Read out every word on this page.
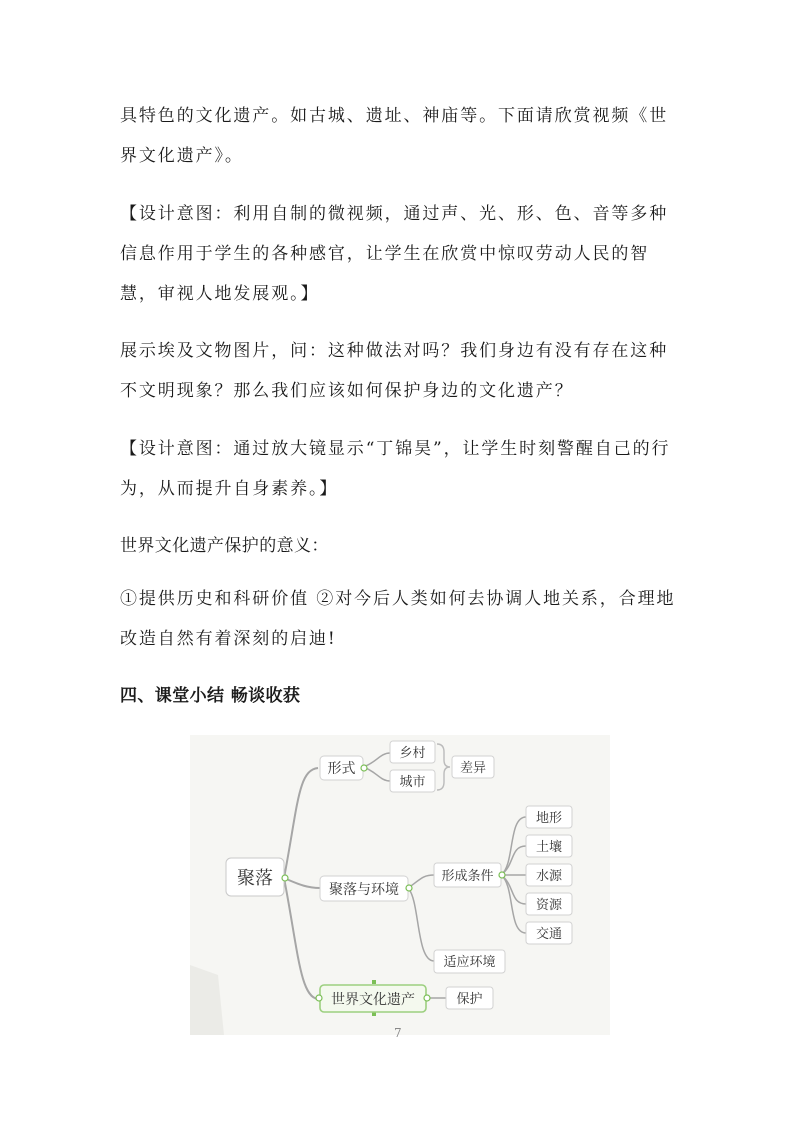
具特色的文化遗产。如古城、遗址、神庙等。下面请欣赏视频《世
界文化遗产》。

【设计意图：利用自制的微视频，通过声、光、形、色、音等多种
信息作用于学生的各种感官，让学生在欣赏中惊叹劳动人民的智
慧，审视人地发展观。】

展示埃及文物图片，问：这种做法对吗？我们身边有没有存在这种
不文明现象？那么我们应该如何保护身边的文化遗产？

【设计意图：通过放大镜显示“丁锦昊”，让学生时刻警醒自己的行
为，从而提升自身素养。】

世界文化遗产保护的意义：

①提供历史和科研价值 ②对今后人类如何去协调人地关系，合理地
改造自然有着深刻的启迪!

四、课堂小结 畅谈收获
聚落
形式
乡村
城市
差异
聚落与环境
形成条件
地形
土壤
水源
资源
交通
适应环境
世界文化遗产	保护
7
